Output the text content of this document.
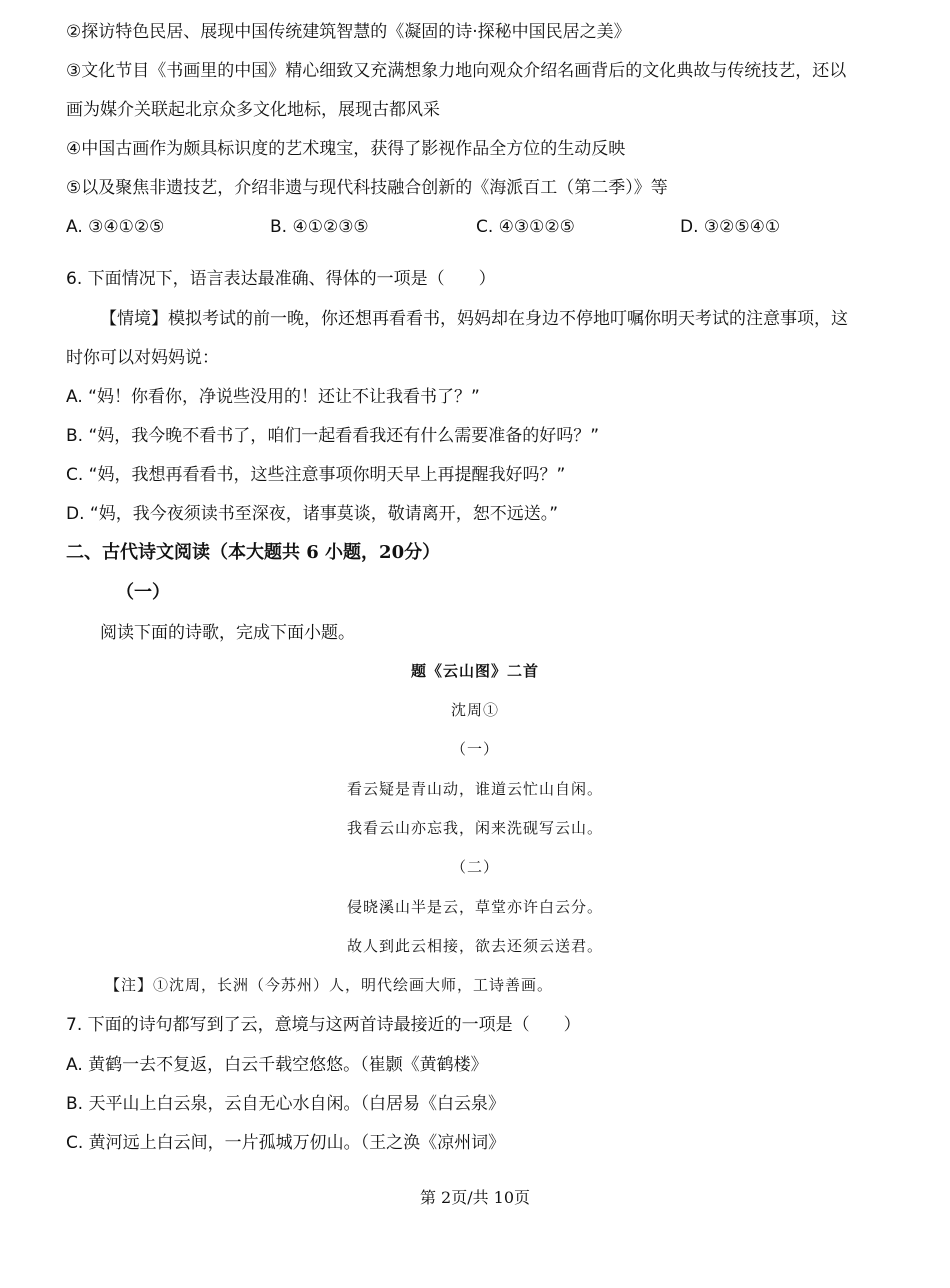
②探访特色民居、展现中国传统建筑智慧的《凝固的诗·探秘中国民居之美》
③文化节目《书画里的中国》精心细致又充满想象力地向观众介绍名画背后的文化典故与传统技艺，还以
画为媒介关联起北京众多文化地标，展现古都风采
④中国古画作为颇具标识度的艺术瑰宝，获得了影视作品全方位的生动反映
⑤以及聚焦非遗技艺，介绍非遗与现代科技融合创新的《海派百工（第二季）》等
A. ③④①②⑤	B. ④①②③⑤	C. ④③①②⑤	D. ③②⑤④①
6. 下面情况下，语言表达最准确、得体的一项是（　　）
【情境】模拟考试的前一晚，你还想再看看书，妈妈却在身边不停地叮嘱你明天考试的注意事项，这
时你可以对妈妈说：
A. “妈！你看你，净说些没用的！还让不让我看书了？”
B. “妈，我今晚不看书了，咱们一起看看我还有什么需要准备的好吗？”
C. “妈，我想再看看书，这些注意事项你明天早上再提醒我好吗？”
D. “妈，我今夜须读书至深夜，诸事莫谈，敬请离开，恕不远送。”
二、古代诗文阅读（本大题共 6 小题，20分）
（一）
阅读下面的诗歌，完成下面小题。
题《云山图》二首
沈周①
（一）
看云疑是青山动，谁道云忙山自闲。
我看云山亦忘我，闲来洗砚写云山。
（二）
侵晓溪山半是云，草堂亦许白云分。
故人到此云相接，欲去还须云送君。
【注】①沈周，长洲（今苏州）人，明代绘画大师，工诗善画。
7. 下面的诗句都写到了云，意境与这两首诗最接近的一项是（　　）
A. 黄鹤一去不复返，白云千载空悠悠。（崔颢《黄鹤楼》
B. 天平山上白云泉，云自无心水自闲。（白居易《白云泉》
C. 黄河远上白云间，一片孤城万仞山。（王之涣《凉州词》
第 2页/共 10页
